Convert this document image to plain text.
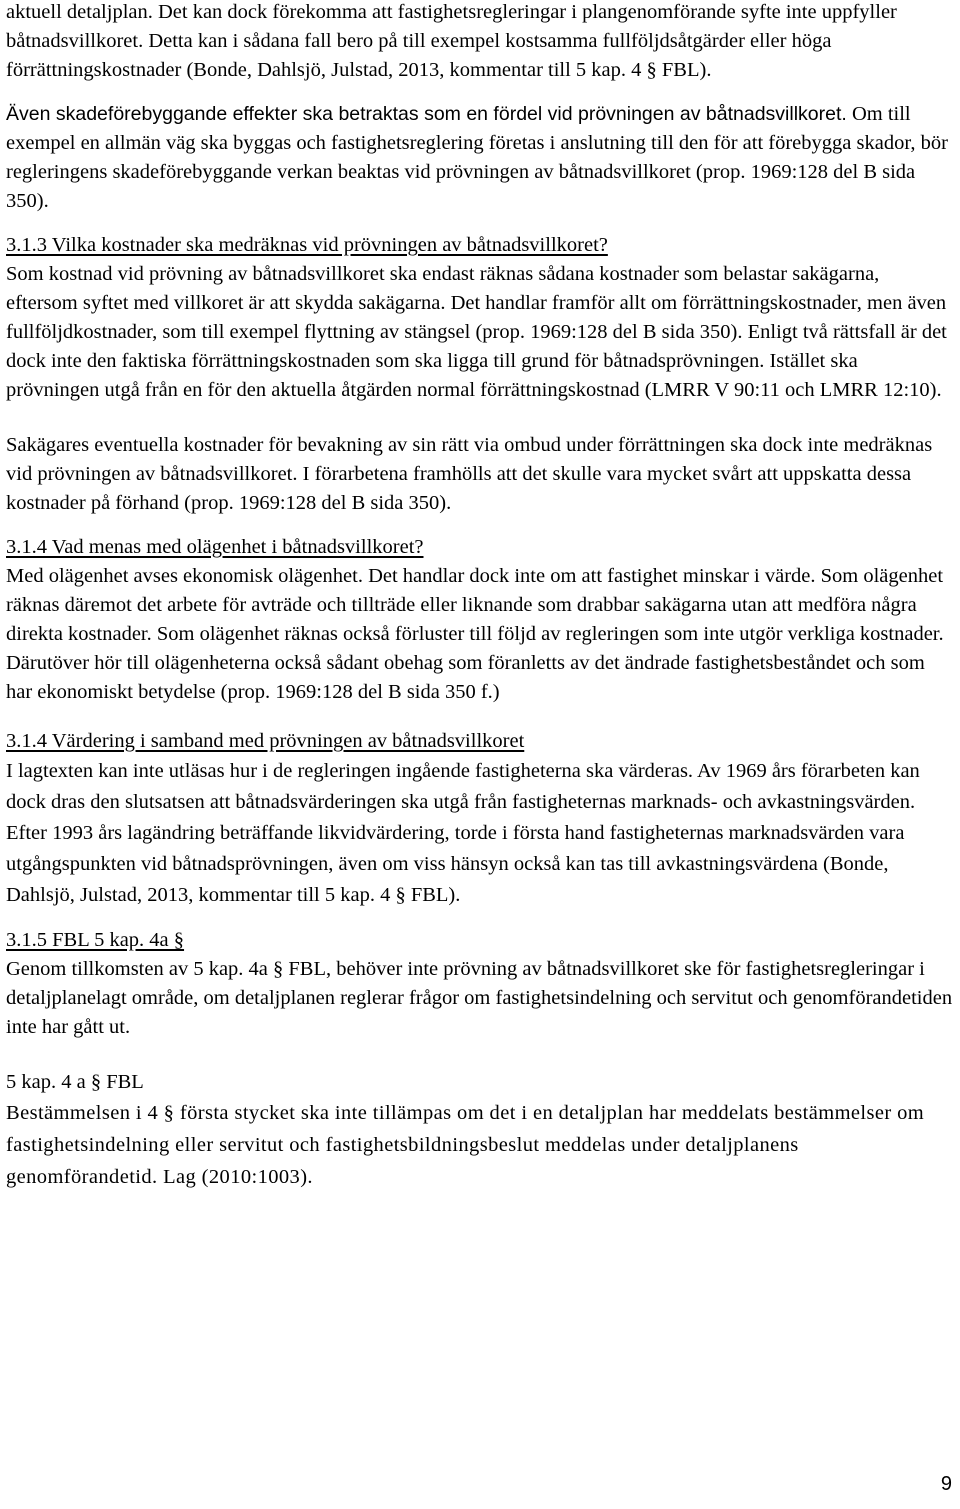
aktuell detaljplan. Det kan dock förekomma att fastighetsregleringar i plangenomförande syfte inte uppfyller båtnadsvillkoret. Detta kan i sådana fall bero på till exempel kostsamma fullföljdsåtgärder eller höga förrättningskostnader (Bonde, Dahlsjö, Julstad, 2013, kommentar till 5 kap. 4 § FBL).

Även skadeförebyggande effekter ska betraktas som en fördel vid prövningen av båtnadsvillkoret. Om till exempel en allmän väg ska byggas och fastighetsreglering företas i anslutning till den för att förebygga skador, bör regleringens skadeförebyggande verkan beaktas vid prövningen av båtnadsvillkoret (prop. 1969:128 del B sida 350).

3.1.3 Vilka kostnader ska medräknas vid prövningen av båtnadsvillkoret?

Som kostnad vid prövning av båtnadsvillkoret ska endast räknas sådana kostnader som belastar sakägarna, eftersom syftet med villkoret är att skydda sakägarna. Det handlar framför allt om förrättningskostnader, men även fullföljdkostnader, som till exempel flyttning av stängsel (prop. 1969:128 del B sida 350). Enligt två rättsfall är det dock inte den faktiska förrättningskostnaden som ska ligga till grund för båtnadsprövningen. Istället ska prövningen utgå från en för den aktuella åtgärden normal förrättningskostnad (LMRR V 90:11 och LMRR 12:10).

Sakägares eventuella kostnader för bevakning av sin rätt via ombud under förrättningen ska dock inte medräknas vid prövningen av båtnadsvillkoret. I förarbetena framhölls att det skulle vara mycket svårt att uppskatta dessa kostnader på förhand (prop. 1969:128 del B sida 350).

3.1.4 Vad menas med olägenhet i båtnadsvillkoret?

Med olägenhet avses ekonomisk olägenhet. Det handlar dock inte om att fastighet minskar i värde. Som olägenhet räknas däremot det arbete för avträde och tillträde eller liknande som drabbar sakägarna utan att medföra några direkta kostnader. Som olägenhet räknas också förluster till följd av regleringen som inte utgör verkliga kostnader. Därutöver hör till olägenheterna också sådant obehag som föranletts av det ändrade fastighetsbeståndet och som har ekonomiskt betydelse (prop. 1969:128 del B sida 350 f.)

3.1.4 Värdering i samband med prövningen av båtnadsvillkoret

I lagtexten kan inte utläsas hur i de regleringen ingående fastigheterna ska värderas. Av 1969 års förarbeten kan dock dras den slutsatsen att båtnadsvärderingen ska utgå från fastigheternas marknads- och avkastningsvärden. Efter 1993 års lagändring beträffande likvidvärdering, torde i första hand fastigheternas marknadsvärden vara utgångspunkten vid båtnadsprövningen, även om viss hänsyn också kan tas till avkastningsvärdena (Bonde, Dahlsjö, Julstad, 2013, kommentar till 5 kap. 4 § FBL).

3.1.5 FBL 5 kap. 4a §

Genom tillkomsten av 5 kap. 4a § FBL, behöver inte prövning av båtnadsvillkoret ske för fastighetsregleringar i detaljplanelagt område, om detaljplanen reglerar frågor om fastighetsindelning och servitut och genomförandetiden inte har gått ut.

5 kap. 4 a § FBL

Bestämmelsen i 4 § första stycket ska inte tillämpas om det i en detaljplan har meddelats bestämmelser om fastighetsindelning eller servitut och fastighetsbildningsbeslut meddelas under detaljplanens genomförandetid. Lag (2010:1003).

9
